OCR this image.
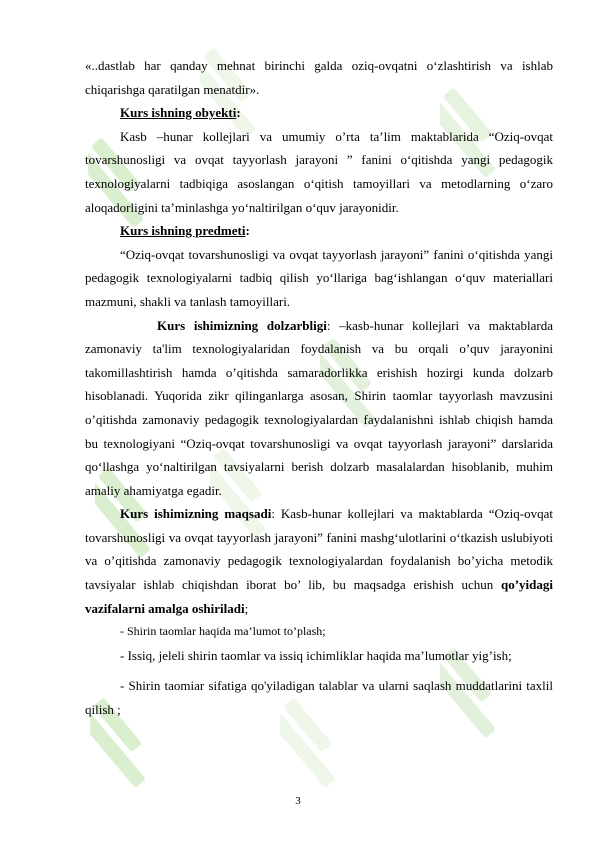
«..dastlab har qanday mehnat birinchi galda oziq-ovqatni o‘zlashtirish va ishlab chiqarishga qaratilgan menatdir».

Kurs ishning obyekti:

Kasb –hunar kollejlari va umumiy o’rta ta’lim maktablarida “Oziq-ovqat tovarshunosligi va ovqat tayyorlash jarayoni ” fanini o‘qitishda yangi pedagogik texnologiyalarni tadbiqiga asoslangan o‘qitish tamoyillari va metodlarning o‘zaro aloqadorligini ta’minlashga yo‘naltirilgan o‘quv jarayonidir.

Kurs ishning predmeti:

“Oziq-ovqat tovarshunosligi va ovqat tayyorlash jarayoni” fanini o‘qitishda yangi pedagogik texnologiyalarni tadbiq qilish yo‘llariga bag‘ishlangan o‘quv materiallari mazmuni, shakli va tanlash tamoyillari.

Kurs ishimizning dolzarbligi: –kasb-hunar kollejlari va maktablarda zamonaviy ta'lim texnologiyalaridan foydalanish va bu orqali o’quv jarayonini takomillashtirish hamda o’qitishda samaradorlikka erishish hozirgi kunda dolzarb hisoblanadi. Yuqorida zikr qilinganlarga asosan, Shirin taomlar tayyorlash mavzusini o’qitishda zamonaviy pedagogik texnologiyalardan faydalanishni ishlab chiqish hamda bu texnologiyani “Oziq-ovqat tovarshunosligi va ovqat tayyorlash jarayoni” darslarida qo‘llashga yo‘naltirilgan tavsiyalarni berish dolzarb masalalardan hisoblanib, muhim amaliy ahamiyatga egadir.

Kurs ishimizning maqsadi: Kasb-hunar kollejlari va maktablarda “Oziq-ovqat tovarshunosligi va ovqat tayyorlash jarayoni” fanini mashg‘ulotlarini o‘tkazish uslubiyoti va o’qitishda zamonaviy pedagogik texnologiyalardan foydalanish bo’yicha metodik tavsiyalar ishlab chiqishdan iborat bo’ lib, bu maqsadga erishish uchun qo’yidagi vazifalarni amalga oshiriladi;

- Shirin taomlar haqida ma’lumot to’plash;

- Issiq, jeleli shirin taomlar va issiq ichimliklar haqida ma’lumotlar yig’ish;

- Shirin taomiar sifatiga qo'yiladigan talablar va ularni saqlash muddatlarini taxlil qilish ;

3
